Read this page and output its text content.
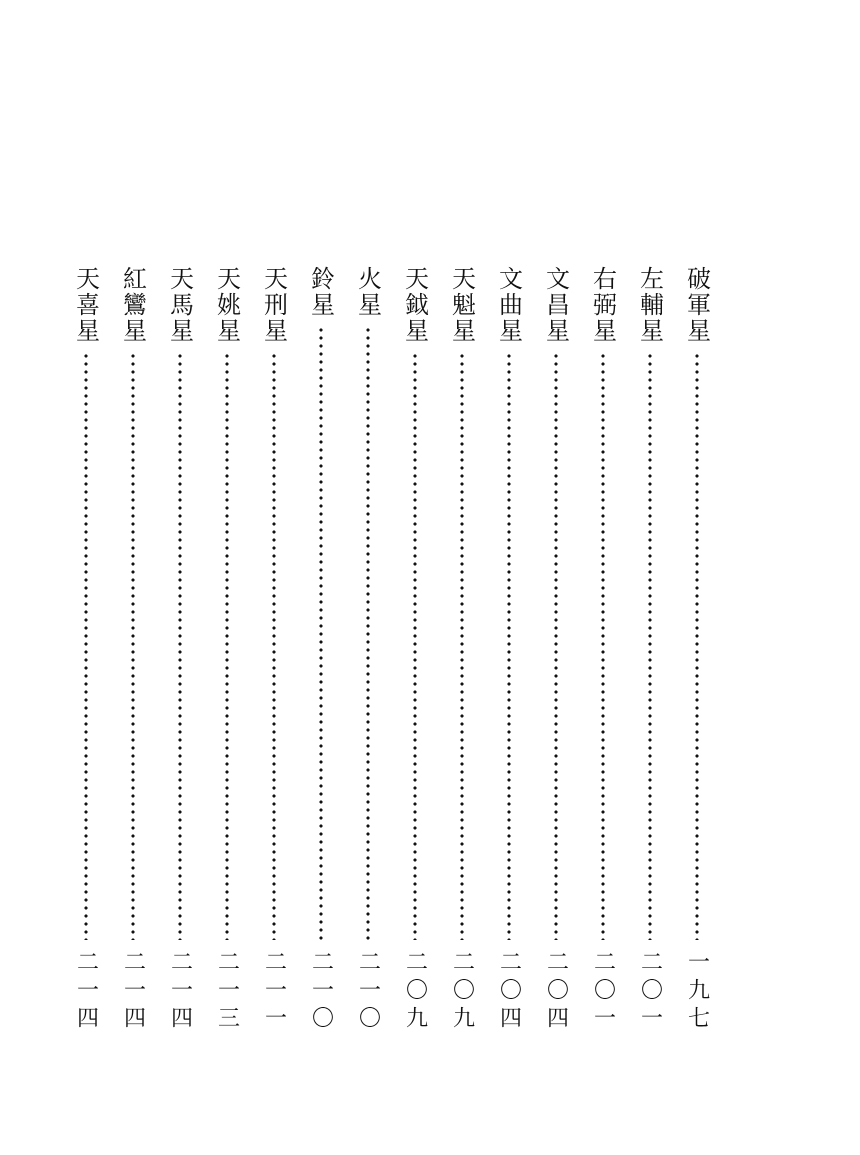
破軍星
一九七
左輔星
二〇一
右弼星
二〇一
文昌星
二〇四
文曲星
二〇四
天魁星
二〇九
天鉞星
二〇九
火星
二一〇
鈴星
二一〇
天刑星
二一一
天姚星
二一三
天馬星
二一四
紅鸞星
二一四
天喜星
二一四
